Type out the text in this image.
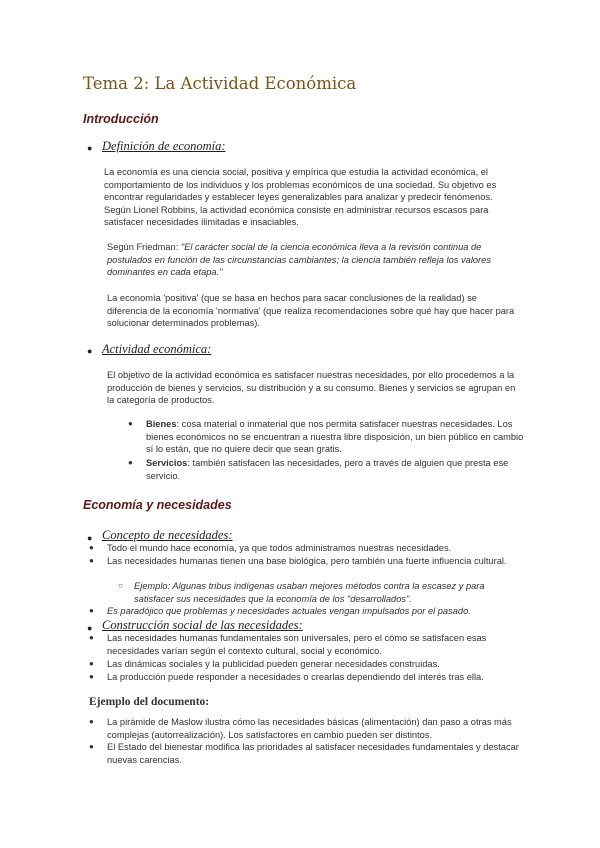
Tema 2: La Actividad Económica
Introducción
● Definición de economía:

La economía es una ciencia social, positiva y empírica que estudia la actividad económica, el comportamiento de los individuos y los problemas económicos de una sociedad. Su objetivo es encontrar regularidades y establecer leyes generalizables para analizar y predecir fenómenos. Según Lionel Robbins, la actividad económica consiste en administrar recursos escasos para satisfacer necesidades ilimitadas e insaciables.

Según Friedman: "El carácter social de la ciencia económica lleva a la revisión continua de postulados en función de las circunstancias cambiantes; la ciencia también refleja los valores dominantes en cada etapa."

La economía 'positiva' (que se basa en hechos para sacar conclusiones de la realidad) se diferencia de la economía 'normativa' (que realiza recomendaciones sobre qué hay que hacer para solucionar determinados problemas).

● Actividad económica:

El objetivo de la actividad económica es satisfacer nuestras necesidades, por ello procedemos a la producción de bienes y servicios, su distribución y a su consumo. Bienes y servicios se agrupan en la categoría de productos.

● Bienes: cosa material o inmaterial que nos permita satisfacer nuestras necesidades. Los bienes económicos no se encuentran a nuestra libre disposición, un bien público en cambio sí lo están, que no quiere decir que sean gratis.
● Servicios: también satisfacen las necesidades, pero a través de alguien que presta ese servicio.
Economía y necesidades
● Concepto de necesidades:
● Todo el mundo hace economía, ya que todos administramos nuestras necesidades.
● Las necesidades humanas tienen una base biológica, pero también una fuerte influencia cultural.
○ Ejemplo: Algunas tribus indígenas usaban mejores métodos contra la escasez y para satisfacer sus necesidades que la economía de los "desarrollados".
● Es paradójico que problemas y necesidades actuales vengan impulsados por el pasado.
● Construcción social de las necesidades:
● Las necesidades humanas fundamentales son universales, pero el cómo se satisfacen esas necesidades varían según el contexto cultural, social y económico.
● Las dinámicas sociales y la publicidad pueden generar necesidades construidas.
● La producción puede responder a necesidades o crearlas dependiendo del interés tras ella.
Ejemplo del documento:
● La pirámide de Maslow ilustra cómo las necesidades básicas (alimentación) dan paso a otras más complejas (autorrealización). Los satisfactores en cambio pueden ser distintos.
● El Estado del bienestar modifica las prioridades al satisfacer necesidades fundamentales y destacar nuevas carencias.
